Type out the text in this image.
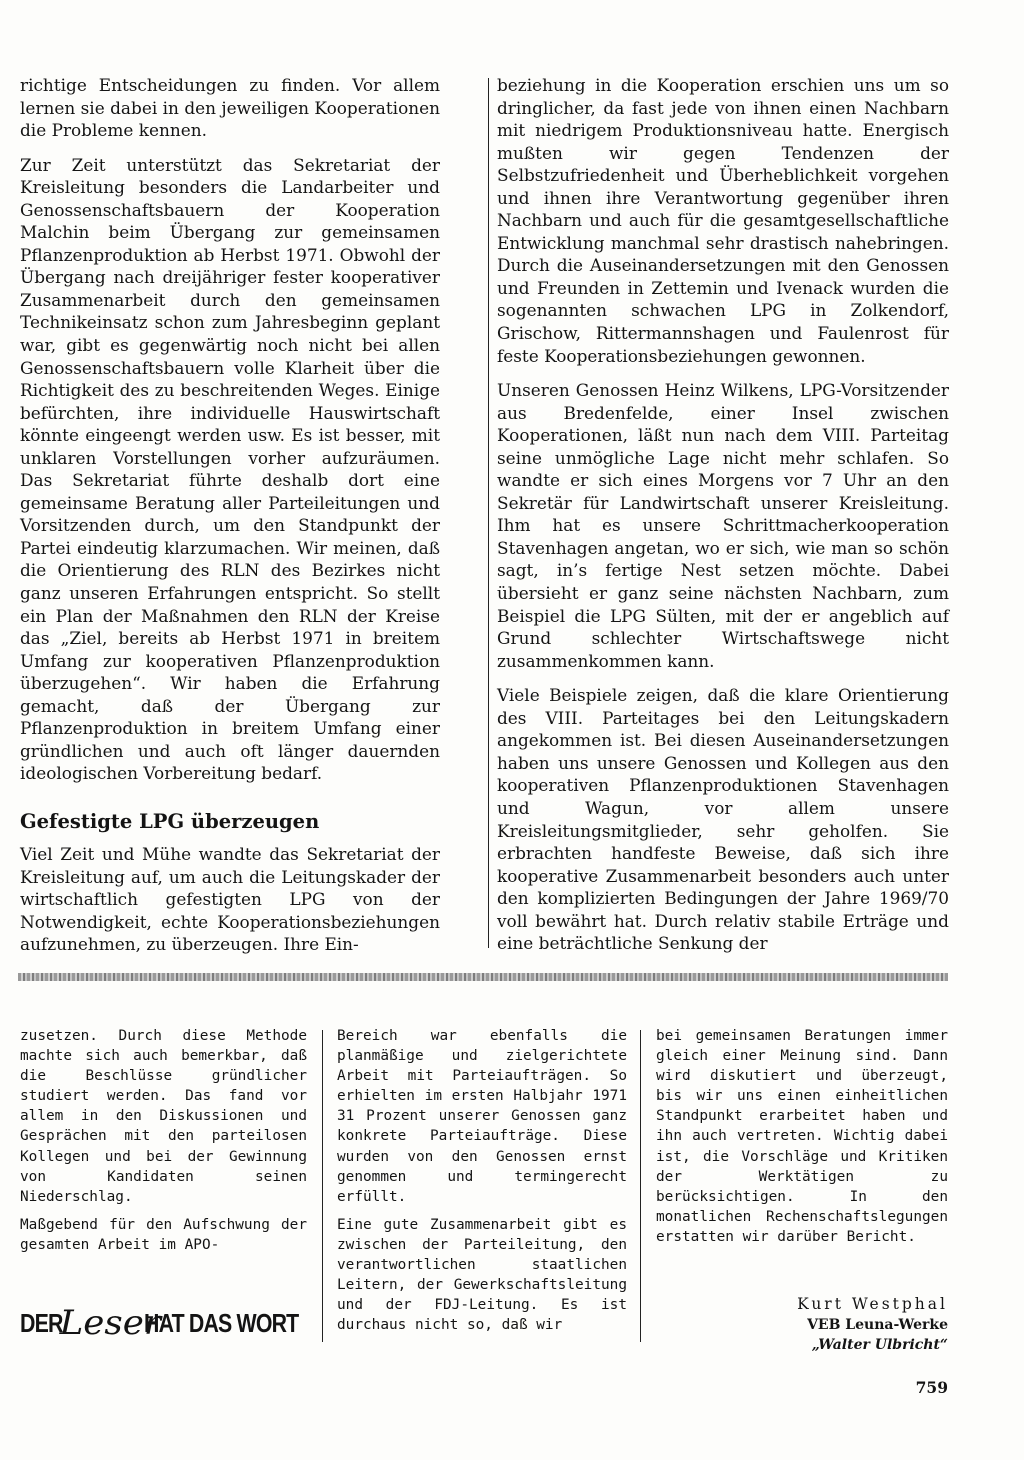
richtige Entscheidungen zu finden. Vor allem lernen sie dabei in den jeweiligen Kooperationen die Probleme kennen.

Zur Zeit unterstützt das Sekretariat der Kreisleitung besonders die Landarbeiter und Genossenschaftsbauern der Kooperation Malchin beim Übergang zur gemeinsamen Pflanzenproduktion ab Herbst 1971. Obwohl der Übergang nach dreijähriger fester kooperativer Zusammenarbeit durch den gemeinsamen Technikeinsatz schon zum Jahresbeginn geplant war, gibt es gegenwärtig noch nicht bei allen Genossenschaftsbauern volle Klarheit über die Richtigkeit des zu beschreitenden Weges. Einige befürchten, ihre individuelle Hauswirtschaft könnte eingeengt werden usw. Es ist besser, mit unklaren Vorstellungen vorher aufzuräumen. Das Sekretariat führte deshalb dort eine gemeinsame Beratung aller Parteileitungen und Vorsitzenden durch, um den Standpunkt der Partei eindeutig klarzumachen. Wir meinen, daß die Orientierung des RLN des Bezirkes nicht ganz unseren Erfahrungen entspricht. So stellt ein Plan der Maßnahmen den RLN der Kreise das „Ziel, bereits ab Herbst 1971 in breitem Umfang zur kooperativen Pflanzenproduktion überzugehen“. Wir haben die Erfahrung gemacht, daß der Übergang zur Pflanzenproduktion in breitem Umfang einer gründlichen und auch oft länger dauernden ideologischen Vorbereitung bedarf.

Gefestigte LPG überzeugen

Viel Zeit und Mühe wandte das Sekretariat der Kreisleitung auf, um auch die Leitungskader der wirtschaftlich gefestigten LPG von der Notwendigkeit, echte Kooperationsbeziehungen aufzunehmen, zu überzeugen. Ihre Ein-

beziehung in die Kooperation erschien uns um so dringlicher, da fast jede von ihnen einen Nachbarn mit niedrigem Produktionsniveau hatte. Energisch mußten wir gegen Tendenzen der Selbstzufriedenheit und Überheblichkeit vorgehen und ihnen ihre Verantwortung gegenüber ihren Nachbarn und auch für die gesamtgesellschaftliche Entwicklung manchmal sehr drastisch nahebringen. Durch die Auseinandersetzungen mit den Genossen und Freunden in Zettemin und Ivenack wurden die sogenannten schwachen LPG in Zolkendorf, Grischow, Rittermannshagen und Faulenrost für feste Kooperationsbeziehungen gewonnen.

Unseren Genossen Heinz Wilkens, LPG-Vorsitzender aus Bredenfelde, einer Insel zwischen Kooperationen, läßt nun nach dem VIII. Parteitag seine unmögliche Lage nicht mehr schlafen. So wandte er sich eines Morgens vor 7 Uhr an den Sekretär für Landwirtschaft unserer Kreisleitung. Ihm hat es unsere Schrittmacherkooperation Stavenhagen angetan, wo er sich, wie man so schön sagt, in’s fertige Nest setzen möchte. Dabei übersieht er ganz seine nächsten Nachbarn, zum Beispiel die LPG Sülten, mit der er angeblich auf Grund schlechter Wirtschaftswege nicht zusammenkommen kann.

Viele Beispiele zeigen, daß die klare Orientierung des VIII. Parteitages bei den Leitungskadern angekommen ist. Bei diesen Auseinandersetzungen haben uns unsere Genossen und Kollegen aus den kooperativen Pflanzenproduktionen Stavenhagen und Wagun, vor allem unsere Kreisleitungsmitglieder, sehr geholfen. Sie erbrachten handfeste Beweise, daß sich ihre kooperative Zusammenarbeit besonders auch unter den komplizierten Bedingungen der Jahre 1969/70 voll bewährt hat. Durch relativ stabile Erträge und eine beträchtliche Senkung der

zusetzen. Durch diese Methode machte sich auch bemerkbar, daß die Beschlüsse gründlicher studiert werden. Das fand vor allem in den Diskussionen und Gesprächen mit den parteilosen Kollegen und bei der Gewinnung von Kandidaten seinen Niederschlag.

Maßgebend für den Aufschwung der gesamten Arbeit im APO-

Bereich war ebenfalls die planmäßige und zielgerichtete Arbeit mit Parteiaufträgen. So erhielten im ersten Halbjahr 1971 31 Prozent unserer Genossen ganz konkrete Parteiaufträge. Diese wurden von den Genossen ernst genommen und termingerecht erfüllt.

Eine gute Zusammenarbeit gibt es zwischen der Parteileitung, den verantwortlichen staatlichen Leitern, der Gewerkschaftsleitung und der FDJ-Leitung. Es ist durchaus nicht so, daß wir

bei gemeinsamen Beratungen immer gleich einer Meinung sind. Dann wird diskutiert und überzeugt, bis wir uns einen einheitlichen Standpunkt erarbeitet haben und ihn auch vertreten. Wichtig dabei ist, die Vorschläge und Kritiken der Werktätigen zu berücksichtigen. In den monatlichen Rechenschaftslegungen erstatten wir darüber Bericht.

DER
Leser
HAT DAS WORT
Kurt Westphal
VEB Leuna-Werke
„Walter Ulbricht“
759
